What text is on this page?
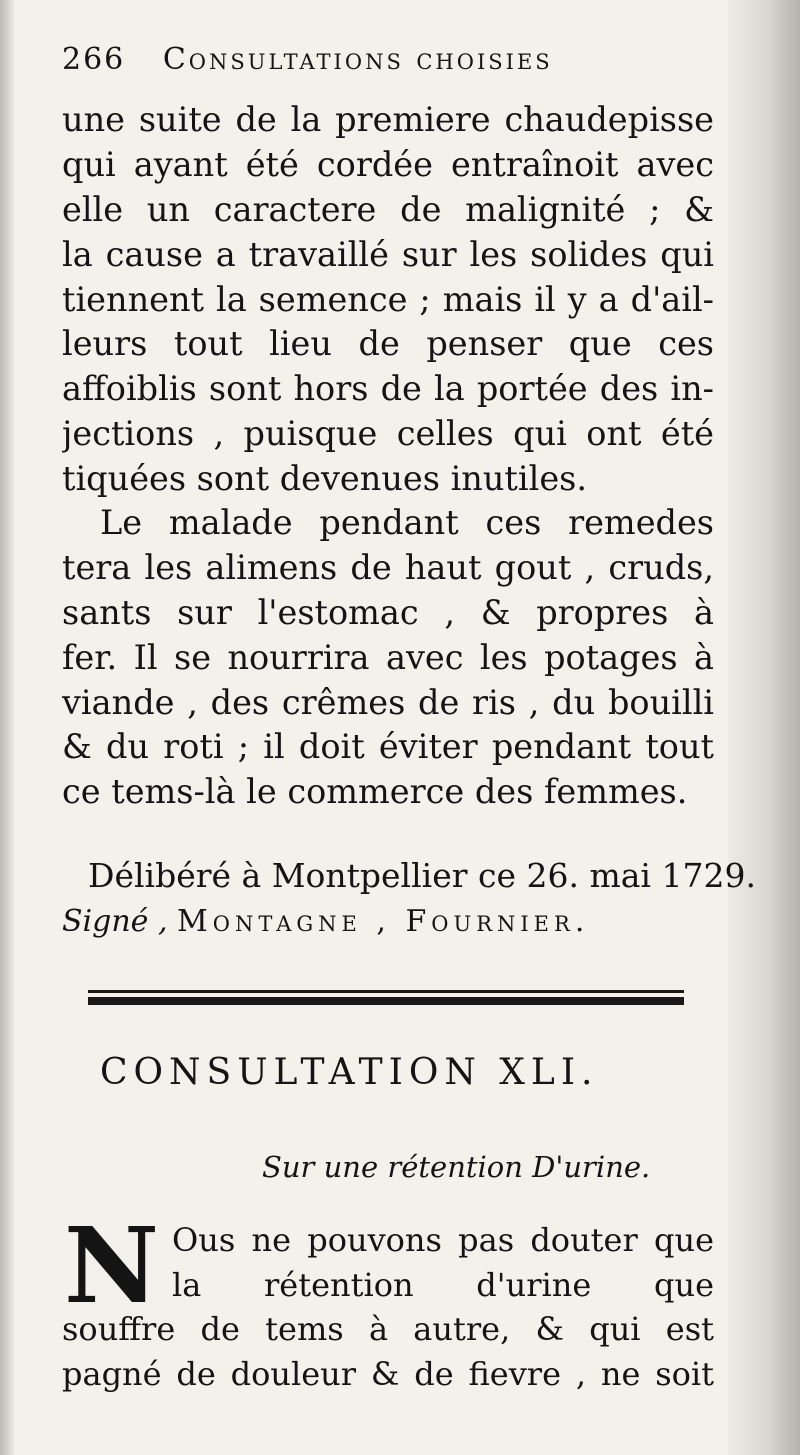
266 Consultations choisies
une suite de la premiere chaudepisse
qui ayant été cordée entraînoit avec
elle un caractere de malignité ; &
la cause a travaillé sur les solides qui
tiennent la semence ; mais il y a d'ail-
leurs tout lieu de penser que ces
affoiblis sont hors de la portée des in-
jections , puisque celles qui ont été
tiquées sont devenues inutiles.
Le malade pendant ces remedes
tera les alimens de haut gout , cruds,
sants sur l'estomac , & propres à
fer. Il se nourrira avec les potages à
viande , des crêmes de ris , du bouilli
& du roti ; il doit éviter pendant tout
ce tems-là le commerce des femmes.
Délibéré à Montpellier ce 26. mai 1729.
Signé , Montagne , Fournier.
CONSULTATION XLI.
Sur une rétention D'urine.
N Ous ne pouvons pas douter que
la rétention d'urine que
souffre de tems à autre, & qui est
pagné de douleur & de fievre , ne soit
